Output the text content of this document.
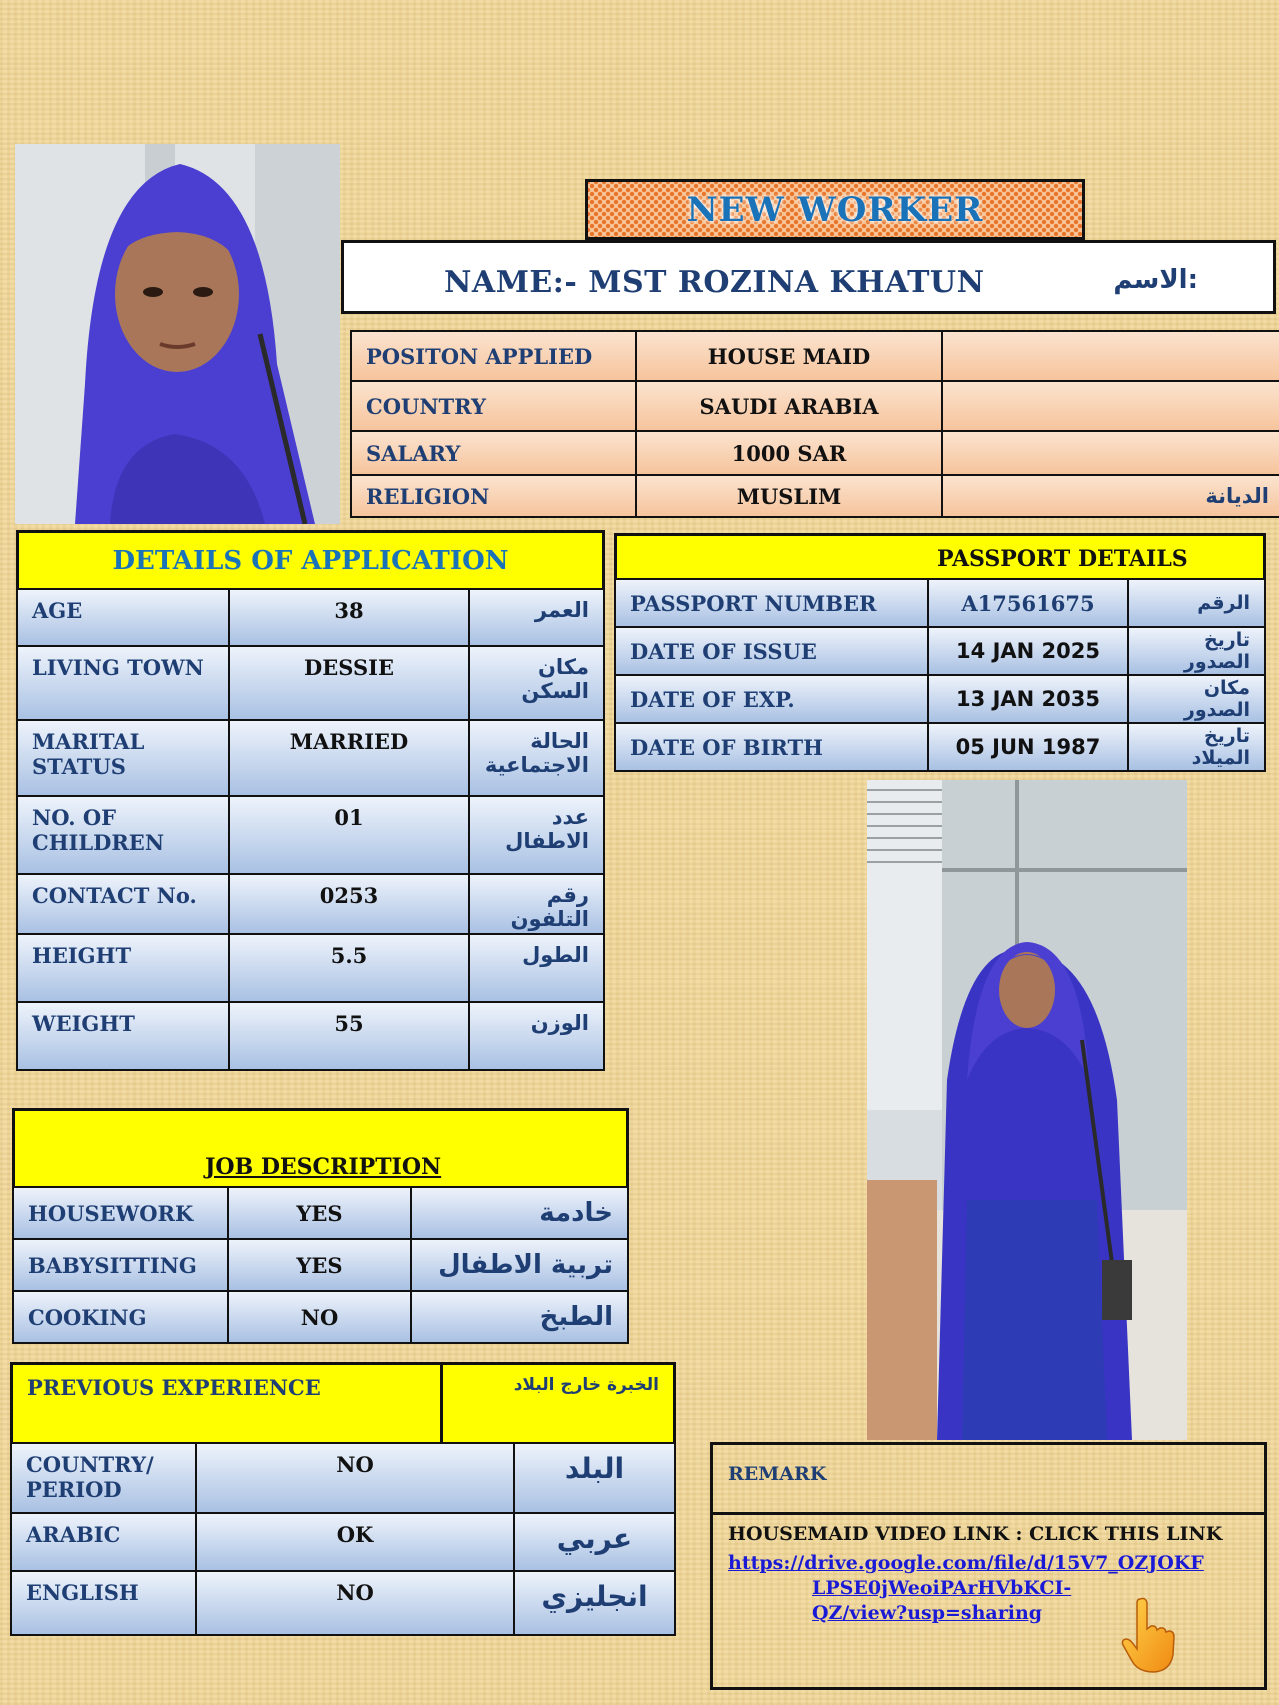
NEW WORKER
NAME:- MST ROZINA KHATUN	الاسم:
POSITON APPLIED	HOUSE MAID	
COUNTRY	SAUDI ARABIA	
SALARY	1000 SAR	
RELIGION	MUSLIM	الديانة
DETAILS OF APPLICATION
AGE	38	العمر
LIVING TOWN	DESSIE	مكان السكن
MARITAL STATUS	MARRIED	الحالة الاجتماعية
NO. OF CHILDREN	01	عدد الاطفال
CONTACT No.	0253	رقم التلفون
HEIGHT	5.5	الطول
WEIGHT	55	الوزن
PASSPORT DETAILS
PASSPORT NUMBER	A17561675	الرقم
DATE OF ISSUE	14 JAN 2025	تاريخ الصدور
DATE OF EXP.	13 JAN 2035	مكان الصدور
DATE OF BIRTH	05 JUN 1987	تاريخ الميلاد
JOB DESCRIPTION
HOUSEWORK	YES	خادمة
BABYSITTING	YES	تربية الاطفال
COOKING	NO	الطبخ
PREVIOUS EXPERIENCE	الخبرة خارج البلاد
COUNTRY/ PERIOD	NO	البلد
ARABIC	OK	عربي
ENGLISH	NO	انجليزي
REMARK
HOUSEMAID VIDEO LINK : CLICK THIS LINK
https://drive.google.com/file/d/15V7_OZJOKF
LPSE0jWeoiPArHVbKCI-
QZ/view?usp=sharing
